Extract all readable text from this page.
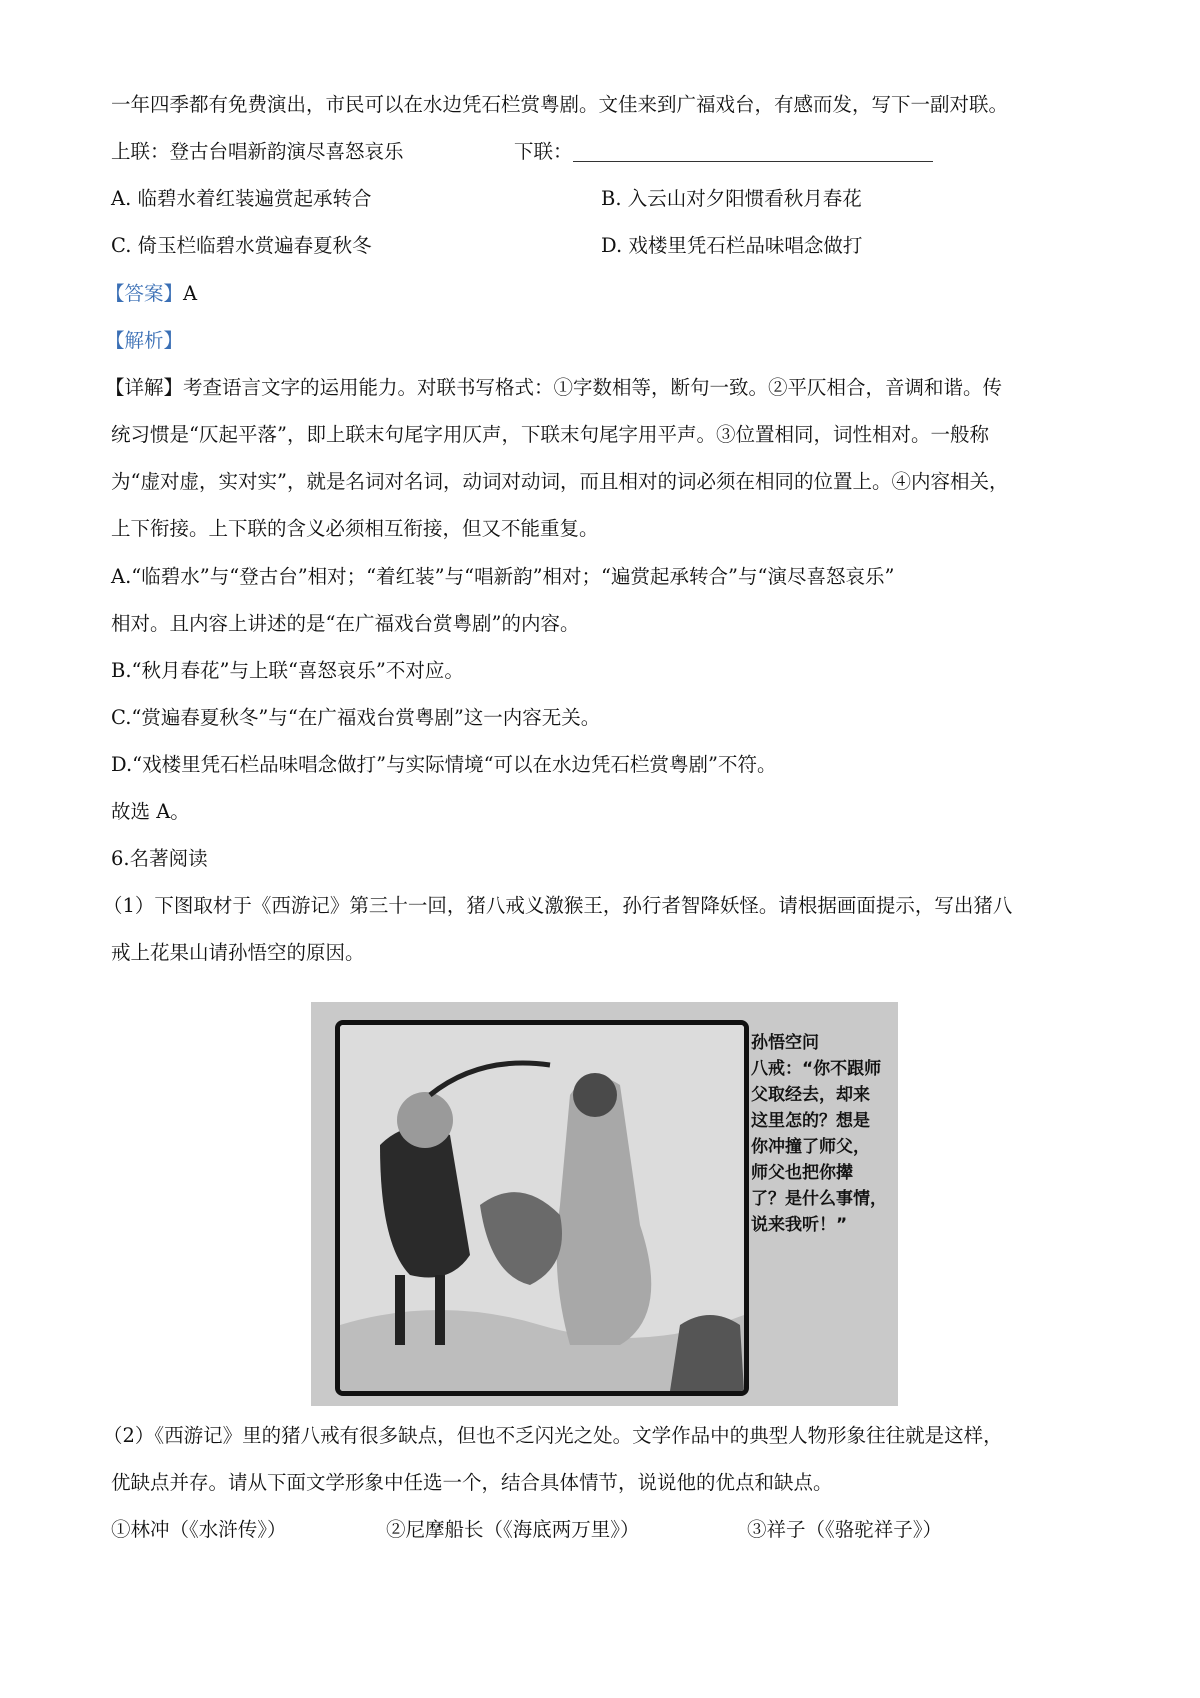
一年四季都有免费演出，市民可以在水边凭石栏赏粤剧。文佳来到广福戏台，有感而发，写下一副对联。
上联：登古台唱新韵演尽喜怒哀乐	下联：
A. 临碧水着红装遍赏起承转合	B. 入云山对夕阳惯看秋月春花
C. 倚玉栏临碧水赏遍春夏秋冬	D. 戏楼里凭石栏品味唱念做打
【答案】A
【解析】
【详解】考查语言文字的运用能力。对联书写格式：①字数相等，断句一致。②平仄相合，音调和谐。传
统习惯是“仄起平落”，即上联末句尾字用仄声，下联末句尾字用平声。③位置相同，词性相对。一般称
为“虚对虚，实对实”，就是名词对名词，动词对动词，而且相对的词必须在相同的位置上。④内容相关，
上下衔接。上下联的含义必须相互衔接，但又不能重复。
A.“临碧水”与“登古台”相对；“着红装”与“唱新韵”相对；“遍赏起承转合”与“演尽喜怒哀乐”
相对。且内容上讲述的是“在广福戏台赏粤剧”的内容。
B.“秋月春花”与上联“喜怒哀乐”不对应。
C.“赏遍春夏秋冬”与“在广福戏台赏粤剧”这一内容无关。
D.“戏楼里凭石栏品味唱念做打”与实际情境“可以在水边凭石栏赏粤剧”不符。
故选 A。
6.名著阅读
（1）下图取材于《西游记》第三十一回，猪八戒义激猴王，孙行者智降妖怪。请根据画面提示，写出猪八
戒上花果山请孙悟空的原因。
孙悟空问
八戒：“你不跟师
父取经去，却来
这里怎的？想是
你冲撞了师父，
师父也把你撵
了？是什么事情，
说来我听！”
（2）《西游记》里的猪八戒有很多缺点，但也不乏闪光之处。文学作品中的典型人物形象往往就是这样，
优缺点并存。请从下面文学形象中任选一个，结合具体情节，说说他的优点和缺点。
①林冲（《水浒传》）	②尼摩船长（《海底两万里》）	③祥子（《骆驼祥子》）
